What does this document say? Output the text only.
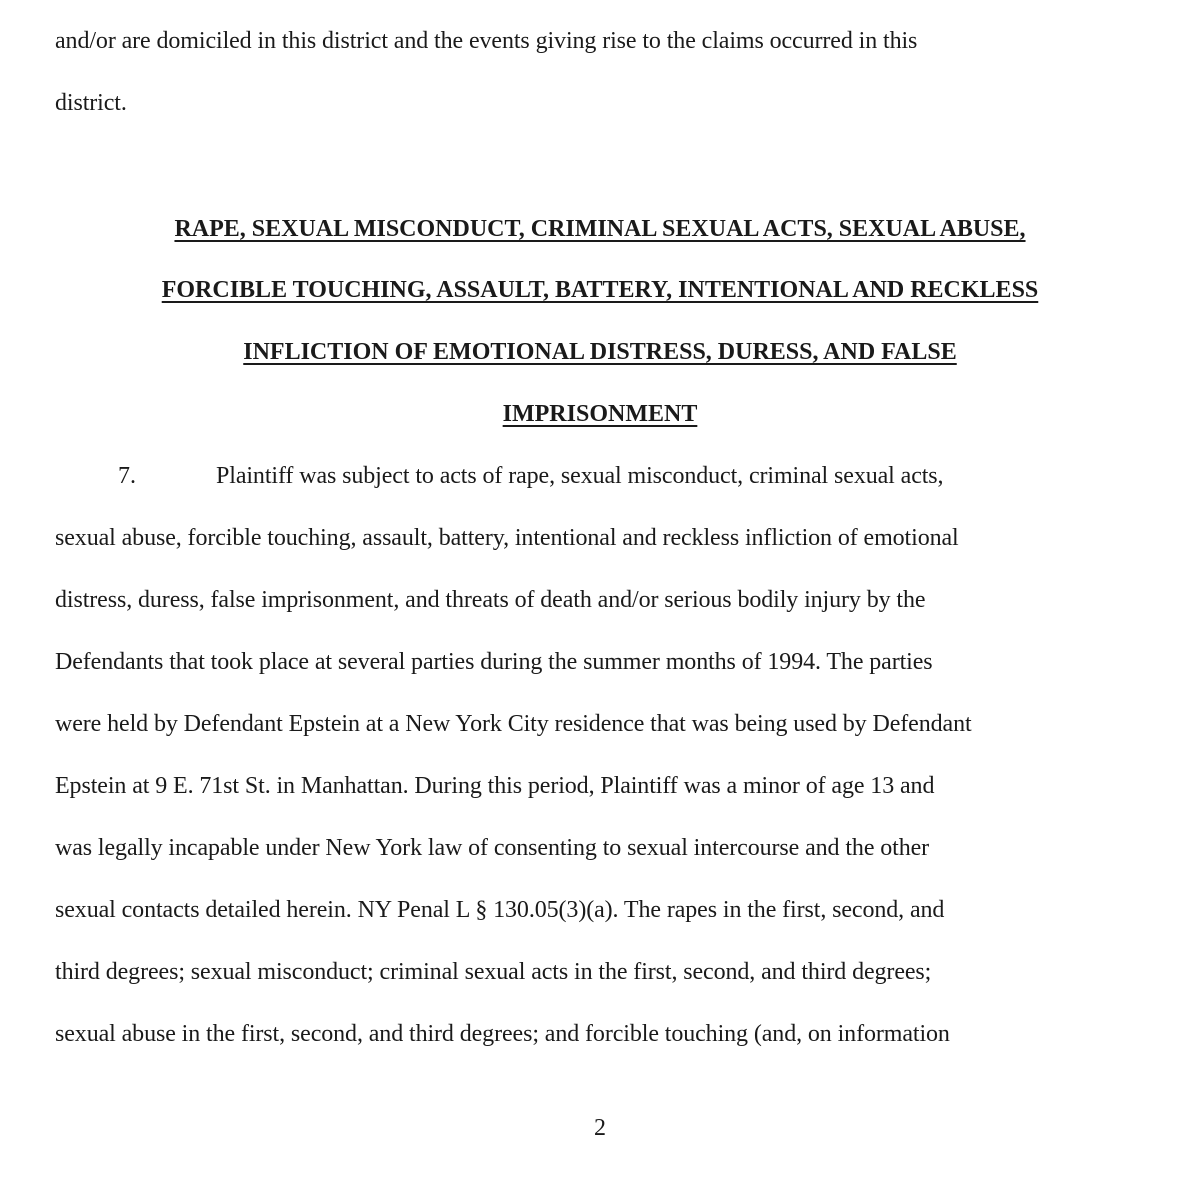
and/or are domiciled in this district and the events giving rise to the claims occurred in this
district.
RAPE, SEXUAL MISCONDUCT, CRIMINAL SEXUAL ACTS, SEXUAL ABUSE,
FORCIBLE TOUCHING, ASSAULT, BATTERY, INTENTIONAL AND RECKLESS
INFLICTION OF EMOTIONAL DISTRESS, DURESS, AND FALSE
IMPRISONMENT
7.	Plaintiff was subject to acts of rape, sexual misconduct, criminal sexual acts,
sexual abuse, forcible touching, assault, battery, intentional and reckless infliction of emotional
distress, duress, false imprisonment, and threats of death and/or serious bodily injury by the
Defendants that took place at several parties during the summer months of 1994. The parties
were held by Defendant Epstein at a New York City residence that was being used by Defendant
Epstein at 9 E. 71st St. in Manhattan. During this period, Plaintiff was a minor of age 13 and
was legally incapable under New York law of consenting to sexual intercourse and the other
sexual contacts detailed herein. NY Penal L § 130.05(3)(a). The rapes in the first, second, and
third degrees; sexual misconduct; criminal sexual acts in the first, second, and third degrees;
sexual abuse in the first, second, and third degrees; and forcible touching (and, on information
2
